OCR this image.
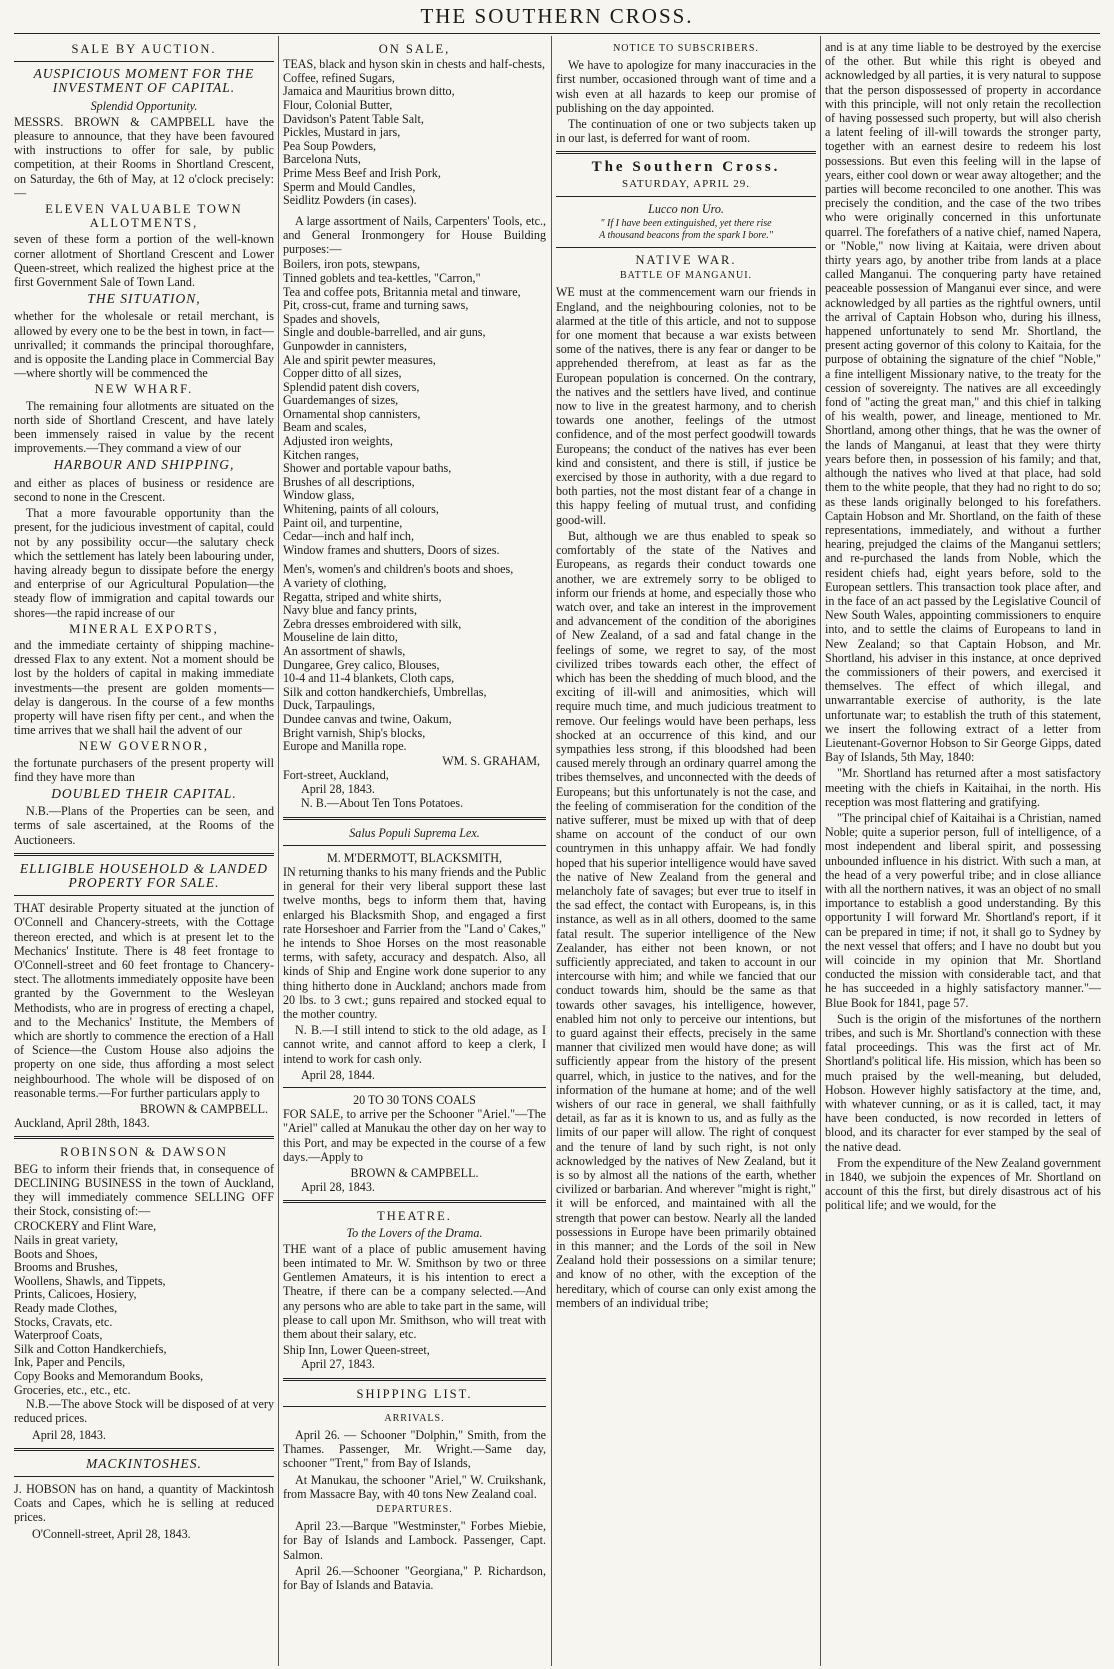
THE SOUTHERN CROSS.
SALE BY AUCTION.
AUSPICIOUS MOMENT FOR THE INVESTMENT OF CAPITAL.
Splendid Opportunity.

MESSRS. BROWN & CAMPBELL have the pleasure to announce, that they have been favoured with instructions to offer for sale, by public competition, at their Rooms in Shortland Crescent, on Saturday, the 6th of May, at 12 o'clock precisely:—

ELEVEN VALUABLE TOWN ALLOTMENTS,

seven of these form a portion of the well-known corner allotment of Shortland Crescent and Lower Queen-street, which realized the highest price at the first Government Sale of Town Land.

THE SITUATION,

whether for the wholesale or retail merchant, is allowed by every one to be the best in town, in fact—unrivalled; it commands the principal thoroughfare, and is opposite the Landing place in Commercial Bay—where shortly will be commenced the

NEW WHARF.

The remaining four allotments are situated on the north side of Shortland Crescent, and have lately been immensely raised in value by the recent improvements.—They command a view of our

HARBOUR AND SHIPPING,

and either as places of business or residence are second to none in the Crescent.

That a more favourable opportunity than the present, for the judicious investment of capital, could not by any possibility occur—the salutary check which the settlement has lately been labouring under, having already begun to dissipate before the energy and enterprise of our Agricultural Population—the steady flow of immigration and capital towards our shores—the rapid increase of our

MINERAL EXPORTS,

and the immediate certainty of shipping machine-dressed Flax to any extent. Not a moment should be lost by the holders of capital in making immediate investments—the present are golden moments—delay is dangerous. In the course of a few months property will have risen fifty per cent., and when the time arrives that we shall hail the advent of our

NEW GOVERNOR,

the fortunate purchasers of the present property will find they have more than

DOUBLED THEIR CAPITAL.

N.B.—Plans of the Properties can be seen, and terms of sale ascertained, at the Rooms of the Auctioneers.

ELLIGIBLE HOUSEHOLD & LANDED PROPERTY FOR SALE.

THAT desirable Property situated at the junction of O'Connell and Chancery-streets, with the Cottage thereon erected, and which is at present let to the Mechanics' Institute. There is 48 feet frontage to O'Connell-street and 60 feet frontage to Chancery-stect. The allotments immediately opposite have been granted by the Government to the Wesleyan Methodists, who are in progress of erecting a chapel, and to the Mechanics' Institute, the Members of which are shortly to commence the erection of a Hall of Science—the Custom House also adjoins the property on one side, thus affording a most select neighbourhood. The whole will be disposed of on reasonable terms.—For further particulars apply to

BROWN & CAMPBELL.
Auckland, April 28th, 1843.
ROBINSON & DAWSON

BEG to inform their friends that, in consequence of DECLINING BUSINESS in the town of Auckland, they will immediately commence SELLING OFF their Stock, consisting of:—

CROCKERY and Flint Ware,
Nails in great variety,
Boots and Shoes,
Brooms and Brushes,
Woollens, Shawls, and Tippets,
Prints, Calicoes, Hosiery,
Ready made Clothes,
Stocks, Cravats, etc.
Waterproof Coats,
Silk and Cotton Handkerchiefs,
Ink, Paper and Pencils,
Copy Books and Memorandum Books,
Groceries, etc., etc., etc.

N.B.—The above Stock will be disposed of at very reduced prices.

April 28, 1843.
MACKINTOSHES.

J. HOBSON has on hand, a quantity of Mackintosh Coats and Capes, which he is selling at reduced prices.

O'Connell-street, April 28, 1843.
ON SALE,
TEAS, black and hyson skin in chests and half-chests,
Coffee, refined Sugars,
Jamaica and Mauritius brown ditto,
Flour, Colonial Butter,
Davidson's Patent Table Salt,
Pickles, Mustard in jars,
Pea Soup Powders,
Barcelona Nuts,
Prime Mess Beef and Irish Pork,
Sperm and Mould Candles,
Seidlitz Powders (in cases).

A large assortment of Nails, Carpenters' Tools, etc., and General Ironmongery for House Building purposes:—

Boilers, iron pots, stewpans,
Tinned goblets and tea-kettles, "Carron,"
Tea and coffee pots, Britannia metal and tinware,
Pit, cross-cut, frame and turning saws,
Spades and shovels,
Single and double-barrelled, and air guns,
Gunpowder in cannisters,
Ale and spirit pewter measures,
Copper ditto of all sizes,
Splendid patent dish covers,
Guardemanges of sizes,
Ornamental shop cannisters,
Beam and scales,
Adjusted iron weights,
Kitchen ranges,
Shower and portable vapour baths,
Brushes of all descriptions,
Window glass,
Whitening, paints of all colours,
Paint oil, and turpentine,
Cedar—inch and half inch,
Window frames and shutters, Doors of sizes.
Men's, women's and children's boots and shoes,
A variety of clothing,
Regatta, striped and white shirts,
Navy blue and fancy prints,
Zebra dresses embroidered with silk,
Mouseline de lain ditto,
An assortment of shawls,
Dungaree, Grey calico, Blouses,
10-4 and 11-4 blankets, Cloth caps,
Silk and cotton handkerchiefs, Umbrellas,
Duck, Tarpaulings,
Dundee canvas and twine, Oakum,
Bright varnish, Ship's blocks,
Europe and Manilla rope.
WM. S. GRAHAM,
Fort-street, Auckland,
April 28, 1843.
N. B.—About Ten Tons Potatoes.
Salus Populi Suprema Lex.
M. M'DERMOTT, BLACKSMITH,

IN returning thanks to his many friends and the Public in general for their very liberal support these last twelve months, begs to inform them that, having enlarged his Blacksmith Shop, and engaged a first rate Horseshoer and Farrier from the "Land o' Cakes," he intends to Shoe Horses on the most reasonable terms, with safety, accuracy and despatch. Also, all kinds of Ship and Engine work done superior to any thing hitherto done in Auckland; anchors made from 20 lbs. to 3 cwt.; guns repaired and stocked equal to the mother country.

N. B.—I still intend to stick to the old adage, as I cannot write, and cannot afford to keep a clerk, I intend to work for cash only.

April 28, 1844.
20 TO 30 TONS COALS

FOR SALE, to arrive per the Schooner "Ariel."—The "Ariel" called at Manukau the other day on her way to this Port, and may be expected in the course of a few days.—Apply to

BROWN & CAMPBELL.
April 28, 1843.
THEATRE.
To the Lovers of the Drama.

THE want of a place of public amusement having been intimated to Mr. W. Smithson by two or three Gentlemen Amateurs, it is his intention to erect a Theatre, if there can be a company selected.—And any persons who are able to take part in the same, will please to call upon Mr. Smithson, who will treat with them about their salary, etc.

Ship Inn, Lower Queen-street,
April 27, 1843.
SHIPPING LIST.
ARRIVALS.

April 26. — Schooner "Dolphin," Smith, from the Thames. Passenger, Mr. Wright.—Same day, schooner "Trent," from Bay of Islands,

At Manukau, the schooner "Ariel," W. Cruikshank, from Massacre Bay, with 40 tons New Zealand coal.

DEPARTURES.

April 23.—Barque "Westminster," Forbes Miebie, for Bay of Islands and Lambock. Passenger, Capt. Salmon.

April 26.—Schooner "Georgiana," P. Richardson, for Bay of Islands and Batavia.

NOTICE TO SUBSCRIBERS.

We have to apologize for many inaccuracies in the first number, occasioned through want of time and a wish even at all hazards to keep our promise of publishing on the day appointed.

The continuation of one or two subjects taken up in our last, is deferred for want of room.

The Southern Cross.
SATURDAY, APRIL 29.
Lucco non Uro.
" If I have been extinguished, yet there rise
A thousand beacons from the spark I bore."
NATIVE WAR.
BATTLE OF MANGANUI.

WE must at the commencement warn our friends in England, and the neighbouring colonies, not to be alarmed at the title of this article, and not to suppose for one moment that because a war exists between some of the natives, there is any fear or danger to be apprehended therefrom, at least as far as the European population is concerned. On the contrary, the natives and the settlers have lived, and continue now to live in the greatest harmony, and to cherish towards one another, feelings of the utmost confidence, and of the most perfect goodwill towards Europeans; the conduct of the natives has ever been kind and consistent, and there is still, if justice be exercised by those in authority, with a due regard to both parties, not the most distant fear of a change in this happy feeling of mutual trust, and confiding good-will.

But, although we are thus enabled to speak so comfortably of the state of the Natives and Europeans, as regards their conduct towards one another, we are extremely sorry to be obliged to inform our friends at home, and especially those who watch over, and take an interest in the improvement and advancement of the condition of the aborigines of New Zealand, of a sad and fatal change in the feelings of some, we regret to say, of the most civilized tribes towards each other, the effect of which has been the shedding of much blood, and the exciting of ill-will and animosities, which will require much time, and much judicious treatment to remove. Our feelings would have been perhaps, less shocked at an occurrence of this kind, and our sympathies less strong, if this bloodshed had been caused merely through an ordinary quarrel among the tribes themselves, and unconnected with the deeds of Europeans; but this unfortunately is not the case, and the feeling of commiseration for the condition of the native sufferer, must be mixed up with that of deep shame on account of the conduct of our own countrymen in this unhappy affair. We had fondly hoped that his superior intelligence would have saved the native of New Zealand from the general and melancholy fate of savages; but ever true to itself in the sad effect, the contact with Europeans, is, in this instance, as well as in all others, doomed to the same fatal result. The superior intelligence of the New Zealander, has either not been known, or not sufficiently appreciated, and taken to account in our intercourse with him; and while we fancied that our conduct towards him, should be the same as that towards other savages, his intelligence, however, enabled him not only to perceive our intentions, but to guard against their effects, precisely in the same manner that civilized men would have done; as will sufficiently appear from the history of the present quarrel, which, in justice to the natives, and for the information of the humane at home; and of the well wishers of our race in general, we shall faithfully detail, as far as it is known to us, and as fully as the limits of our paper will allow. The right of conquest and the tenure of land by such right, is not only acknowledged by the natives of New Zealand, but it is so by almost all the nations of the earth, whether civilized or barbarian. And wherever "might is right," it will be enforced, and maintained with all the strength that power can bestow. Nearly all the landed possessions in Europe have been primarily obtained in this manner; and the Lords of the soil in New Zealand hold their possessions on a similar tenure; and know of no other, with the exception of the hereditary, which of course can only exist among the members of an individual tribe;

and is at any time liable to be destroyed by the exercise of the other. But while this right is obeyed and acknowledged by all parties, it is very natural to suppose that the person dispossessed of property in accordance with this principle, will not only retain the recollection of having possessed such property, but will also cherish a latent feeling of ill-will towards the stronger party, together with an earnest desire to redeem his lost possessions. But even this feeling will in the lapse of years, either cool down or wear away altogether; and the parties will become reconciled to one another. This was precisely the condition, and the case of the two tribes who were originally concerned in this unfortunate quarrel. The forefathers of a native chief, named Napera, or "Noble," now living at Kaitaia, were driven about thirty years ago, by another tribe from lands at a place called Manganui. The conquering party have retained peaceable possession of Manganui ever since, and were acknowledged by all parties as the rightful owners, until the arrival of Captain Hobson who, during his illness, happened unfortunately to send Mr. Shortland, the present acting governor of this colony to Kaitaia, for the purpose of obtaining the signature of the chief "Noble," a fine intelligent Missionary native, to the treaty for the cession of sovereignty. The natives are all exceedingly fond of "acting the great man," and this chief in talking of his wealth, power, and lineage, mentioned to Mr. Shortland, among other things, that he was the owner of the lands of Manganui, at least that they were thirty years before then, in possession of his family; and that, although the natives who lived at that place, had sold them to the white people, that they had no right to do so; as these lands originally belonged to his forefathers. Captain Hobson and Mr. Shortland, on the faith of these representations, immediately, and without a further hearing, prejudged the claims of the Manganui settlers; and re-purchased the lands from Noble, which the resident chiefs had, eight years before, sold to the European settlers. This transaction took place after, and in the face of an act passed by the Legislative Council of New South Wales, appointing commissioners to enquire into, and to settle the claims of Europeans to land in New Zealand; so that Captain Hobson, and Mr. Shortland, his adviser in this instance, at once deprived the commissioners of their powers, and exercised it themselves. The effect of which illegal, and unwarrantable exercise of authority, is the late unfortunate war; to establish the truth of this statement, we insert the following extract of a letter from Lieutenant-Governor Hobson to Sir George Gipps, dated Bay of Islands, 5th May, 1840:

"Mr. Shortland has returned after a most satisfactory meeting with the chiefs in Kaitaihai, in the north. His reception was most flattering and gratifying.

"The principal chief of Kaitaihai is a Christian, named Noble; quite a superior person, full of intelligence, of a most independent and liberal spirit, and possessing unbounded influence in his district. With such a man, at the head of a very powerful tribe; and in close alliance with all the northern natives, it was an object of no small importance to establish a good understanding. By this opportunity I will forward Mr. Shortland's report, if it can be prepared in time; if not, it shall go to Sydney by the next vessel that offers; and I have no doubt but you will coincide in my opinion that Mr. Shortland conducted the mission with considerable tact, and that he has succeeded in a highly satisfactory manner."—Blue Book for 1841, page 57.

Such is the origin of the misfortunes of the northern tribes, and such is Mr. Shortland's connection with these fatal proceedings. This was the first act of Mr. Shortland's political life. His mission, which has been so much praised by the well-meaning, but deluded, Hobson. However highly satisfactory at the time, and, with whatever cunning, or as it is called, tact, it may have been conducted, is now recorded in letters of blood, and its character for ever stamped by the seal of the native dead.

From the expenditure of the New Zealand government in 1840, we subjoin the expences of Mr. Shortland on account of this the first, but direly disastrous act of his political life; and we would, for the
